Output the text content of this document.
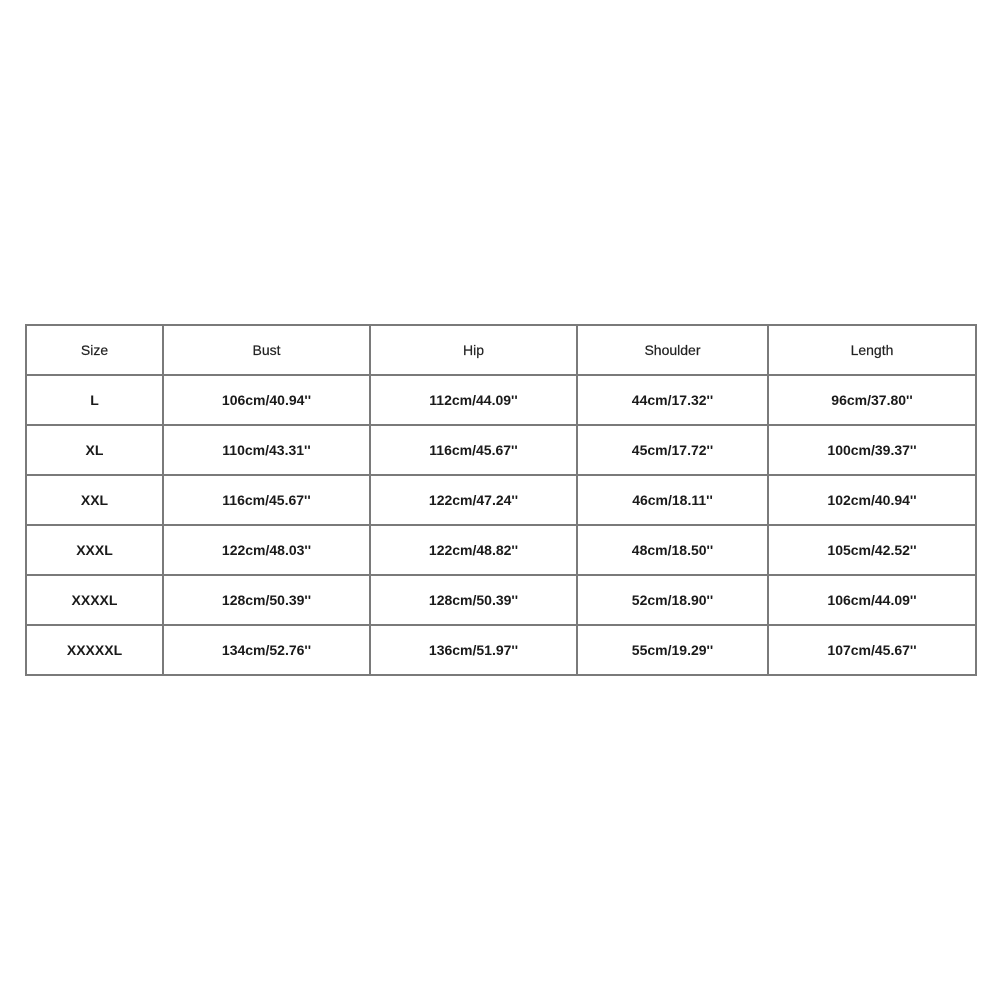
Size	Bust	Hip	Shoulder	Length
L	106cm/40.94''	112cm/44.09''	44cm/17.32''	96cm/37.80''
XL	110cm/43.31''	116cm/45.67''	45cm/17.72''	100cm/39.37''
XXL	116cm/45.67''	122cm/47.24''	46cm/18.11''	102cm/40.94''
XXXL	122cm/48.03''	122cm/48.82''	48cm/18.50''	105cm/42.52''
XXXXL	128cm/50.39''	128cm/50.39''	52cm/18.90''	106cm/44.09''
XXXXXL	134cm/52.76''	136cm/51.97''	55cm/19.29''	107cm/45.67''
